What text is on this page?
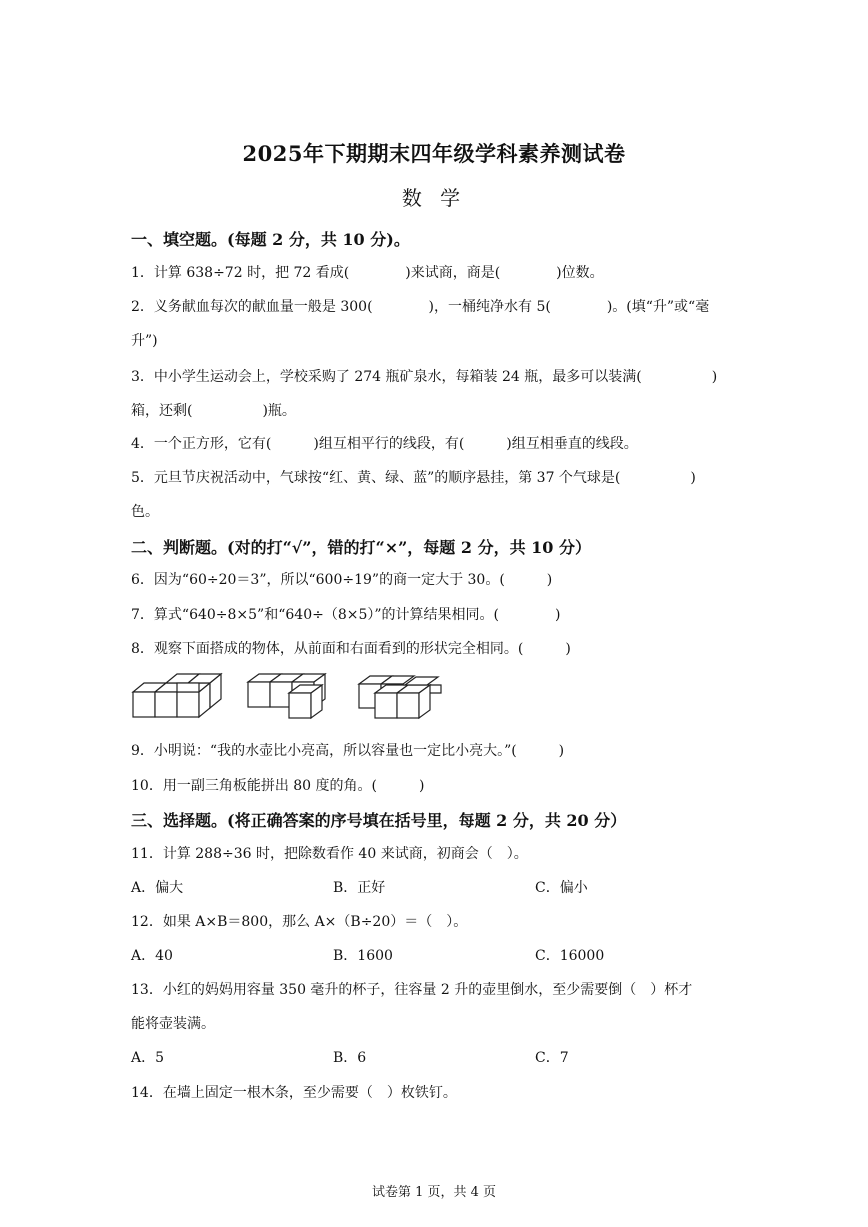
2025年下期期末四年级学科素养测试卷
数 学
一、填空题。(每题 2 分，共 10 分)。
1．计算 638÷72 时，把 72 看成(　　　　)来试商，商是(　　　　)位数。
2．义务献血每次的献血量一般是 300(　　　　)，一桶纯净水有 5(　　　　)。(填“升”或“毫
升”)
3．中小学生运动会上，学校采购了 274 瓶矿泉水，每箱装 24 瓶，最多可以装满(　　　　　)
箱，还剩(　　　　　)瓶。
4．一个正方形，它有(　　　)组互相平行的线段，有(　　　)组互相垂直的线段。
5．元旦节庆祝活动中，气球按“红、黄、绿、蓝”的顺序悬挂，第 37 个气球是(　　　　　)
色。
二、判断题。(对的打“√”，错的打“×”，每题 2 分，共 10 分）
6．因为“60÷20＝3”，所以“600÷19”的商一定大于 30。(　　　)
7．算式“640÷8×5”和“640÷（8×5）”的计算结果相同。(　　　　)
8．观察下面搭成的物体，从前面和右面看到的形状完全相同。(　　　)
9．小明说：“我的水壶比小亮高，所以容量也一定比小亮大。”(　　　)
10．用一副三角板能拼出 80 度的角。(　　　)
三、选择题。(将正确答案的序号填在括号里，每题 2 分，共 20 分）
11．计算 288÷36 时，把除数看作 40 来试商，初商会（　）。
A．偏大	B．正好	C．偏小
12．如果 A×B＝800，那么 A×（B÷20）＝（　）。
A．40	B．1600	C．16000
13．小红的妈妈用容量 350 毫升的杯子，往容量 2 升的壶里倒水，至少需要倒（　）杯才
能将壶装满。
A．5	B．6	C．7
14．在墙上固定一根木条，至少需要（　）枚铁钉。
试卷第 1 页，共 4 页
